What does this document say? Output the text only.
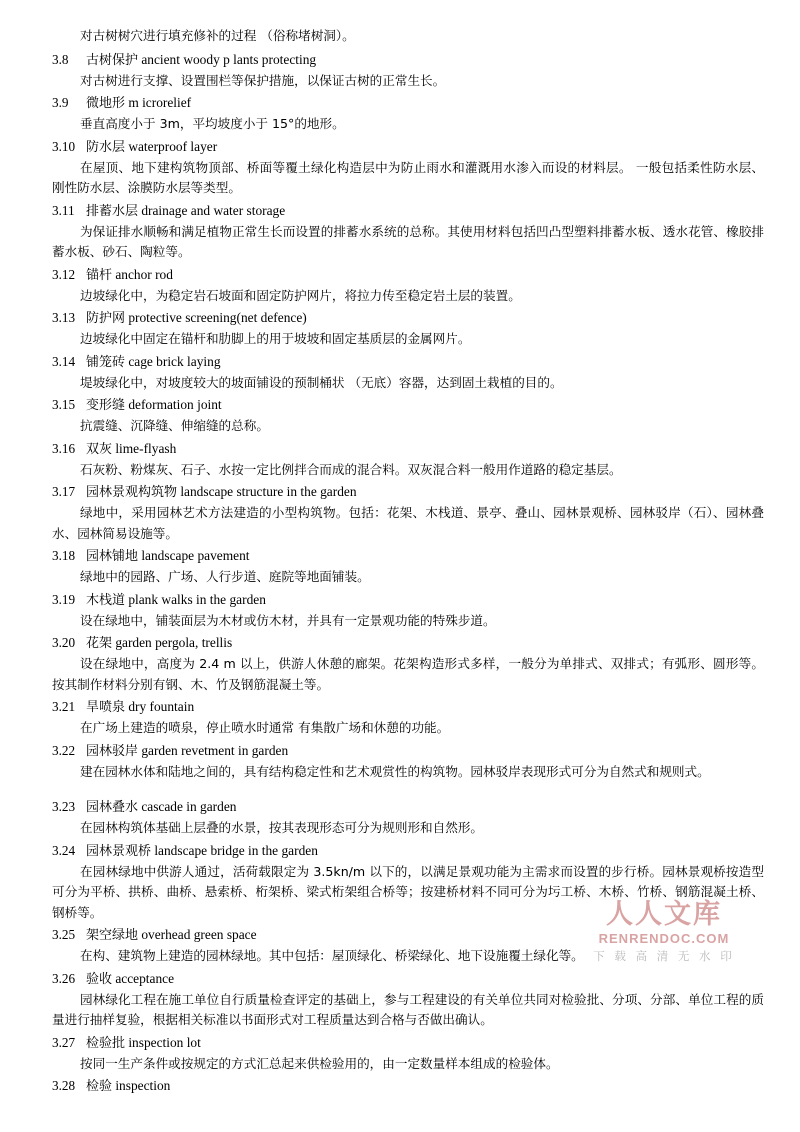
对古树树穴进行填充修补的过程 （俗称堵树洞）。
3.8 古树保护 ancient woody p lants protecting
对古树进行支撑、设置围栏等保护措施，以保证古树的正常生长。
3.9 微地形 m icrorelief
垂直高度小于 3m，平均坡度小于 15°的地形。
3.10 防水层 waterproof layer
在屋顶、地下建构筑物顶部、桥面等覆土绿化构造层中为防止雨水和灌溉用水渗入而设的材料层。 一般包括柔性防水层、刚性防水层、涂膜防水层等类型。
3.11 排蓄水层 drainage and water storage
为保证排水顺畅和满足植物正常生长而设置的排蓄水系统的总称。其使用材料包括凹凸型塑料排蓄水板、透水花管、橡胶排蓄水板、砂石、陶粒等。
3.12 锚杆 anchor rod
边坡绿化中，为稳定岩石坡面和固定防护网片，将拉力传至稳定岩土层的装置。
3.13 防护网 protective screening(net defence)
边坡绿化中固定在锚杆和肋脚上的用于坡坡和固定基质层的金属网片。
3.14 铺笼砖 cage brick laying
堤坡绿化中，对坡度较大的坡面铺设的预制桶状 （无底）容器，达到固土栽植的目的。
3.15 变形缝 deformation joint
抗震缝、沉降缝、伸缩缝的总称。
3.16 双灰 lime-flyash
石灰粉、粉煤灰、石子、水按一定比例拌合而成的混合料。双灰混合料一般用作道路的稳定基层。
3.17 园林景观构筑物 landscape structure in the garden
绿地中，采用园林艺术方法建造的小型构筑物。包括：花架、木栈道、景亭、叠山、园林景观桥、园林驳岸（石）、园林叠水、园林简易设施等。
3.18 园林铺地 landscape pavement
绿地中的园路、广场、人行步道、庭院等地面铺装。
3.19 木栈道 plank walks in the garden
设在绿地中，铺装面层为木材或仿木材，并具有一定景观功能的特殊步道。
3.20 花架 garden pergola, trellis
设在绿地中，高度为 2.4 m 以上，供游人休憩的廊架。花架构造形式多样，一般分为单排式、双排式；有弧形、圆形等。按其制作材料分别有钢、木、竹及钢筋混凝土等。
3.21 旱喷泉 dry fountain
在广场上建造的喷泉，停止喷水时通常 有集散广场和休憩的功能。
3.22 园林驳岸 garden revetment in garden
建在园林水体和陆地之间的，具有结构稳定性和艺术观赏性的构筑物。园林驳岸表现形式可分为自然式和规则式。
3.23 园林叠水 cascade in garden
在园林构筑体基础上层叠的水景，按其表现形态可分为规则形和自然形。
3.24 园林景观桥 landscape bridge in the garden
在园林绿地中供游人通过，活荷载限定为 3.5kn/m 以下的，以满足景观功能为主需求而设置的步行桥。园林景观桥按造型可分为平桥、拱桥、曲桥、悬索桥、桁架桥、梁式桁架组合桥等；按建桥材料不同可分为圬工桥、木桥、竹桥、钢筋混凝土桥、钢桥等。
3.25 架空绿地 overhead green space
在构、建筑物上建造的园林绿地。其中包括：屋顶绿化、桥梁绿化、地下设施覆土绿化等。
3.26 验收 acceptance
园林绿化工程在施工单位自行质量检查评定的基础上，参与工程建设的有关单位共同对检验批、分项、分部、单位工程的质量进行抽样复验，根据相关标准以书面形式对工程质量达到合格与否做出确认。
3.27 检验批 inspection lot
按同一生产条件或按规定的方式汇总起来供检验用的，由一定数量样本组成的检验体。
3.28 检验 inspection
人人文库
RENRENDOC.COM
下 载 高 清 无 水 印
